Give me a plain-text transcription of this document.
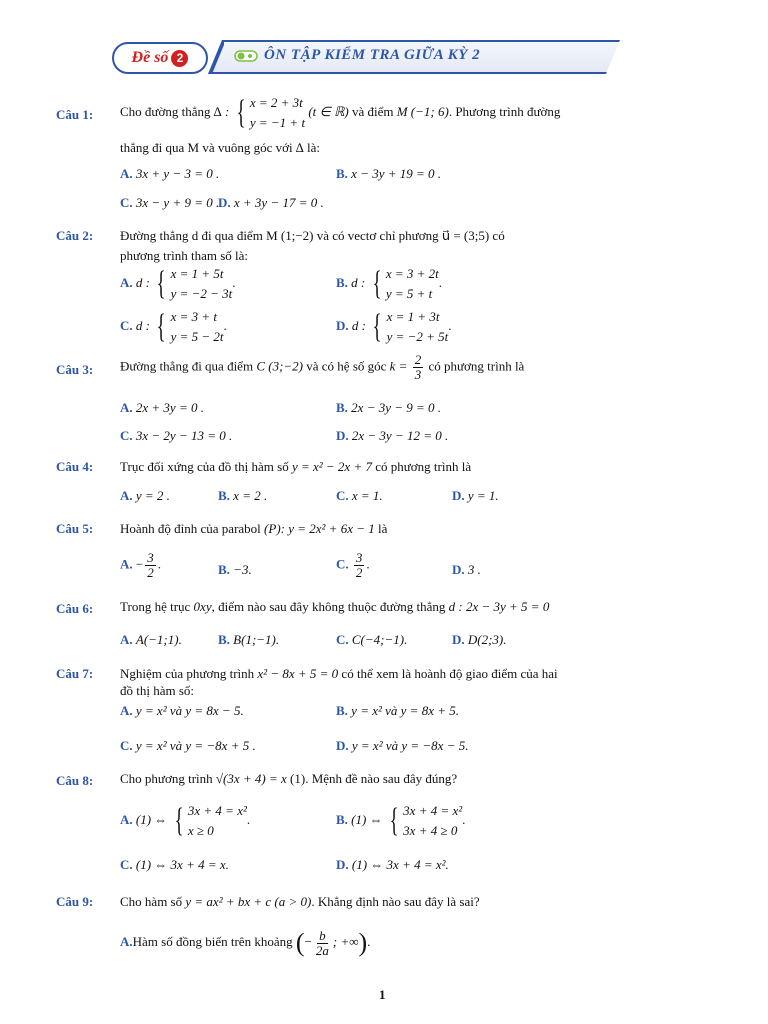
Đề số 2	ÔN TẬP KIỂM TRA GIỮA KỲ 2
Câu 1: Cho đường thẳng ∆ : { x = 2 + 3t
y = −1 + t
(t ∈ ℝ) và điểm M (−1; 6). Phương trình đường
thẳng đi qua M và vuông góc với ∆ là:
A. 3x + y − 3 = 0 .	B. x − 3y + 19 = 0 .
C. 3x − y + 9 = 0 .
D. x + 3y − 17 = 0 .
Câu 2: Đường thẳng d đi qua điểm M (1;−2) và có vectơ chỉ phương u⃗ = (3;5) có
phương trình tham số là:
A. d : { x = 1 + 5t
y = −2 − 3t
.	B. d : { x = 3 + 2t
y = 5 + t
.
C. d : { x = 3 + t
y = 5 − 2t
.	D. d : { x = 1 + 3t
y = −2 + 5t
.
Câu 3: Đường thẳng đi qua điểm C (3;−2) và có hệ số góc $k = \frac{2}{3}$ có phương trình là
A. 2x + 3y = 0 .	B. 2x − 3y − 9 = 0 .
C. 3x − 2y − 13 = 0 .	D. 2x − 3y − 12 = 0 .
Câu 4: Trục đối xứng của đồ thị hàm số y = x² − 2x + 7 có phương trình là
A. y = 2 .	B. x = 2 .	C. x = 1.	D. y = 1.
Câu 5: Hoành độ đỉnh của parabol (P): y = 2x² + 6x − 1 là
A. − $\frac{3}{2}$ .	B. −3.	C. $\frac{3}{2}$ .	D. 3 .
Câu 6: Trong hệ trục 0xy, điểm nào sau đây không thuộc đường thẳng d : 2x − 3y + 5 = 0
A. A(−1;1).	B. B(1;−1).	C. C(−4;−1).	D. D(2;3).
Câu 7: Nghiệm của phương trình x² − 8x + 5 = 0 có thể xem là hoành độ giao điểm của hai
đồ thị hàm số:
A. y = x² và y = 8x − 5.	B. y = x² và y = 8x + 5.
C. y = x² và y = −8x + 5 .	D. y = x² và y = −8x − 5.
Câu 8: Cho phương trình √(3x + 4) = x (1). Mệnh đề nào sau đây đúng?
A. (1) ⇔ { 3x + 4 = x²
x ≥ 0
.	B. (1) ⇔ { 3x + 4 = x²
3x + 4 ≥ 0
.
C. (1) ⇔ 3x + 4 = x.	D. (1) ⇔ 3x + 4 = x².
Câu 9: Cho hàm số y = ax² + bx + c (a > 0). Khẳng định nào sau đây là sai?
A.Hàm số đồng biến trên khoảng (− $\frac{b}{2a}$ ; +∞).
1
